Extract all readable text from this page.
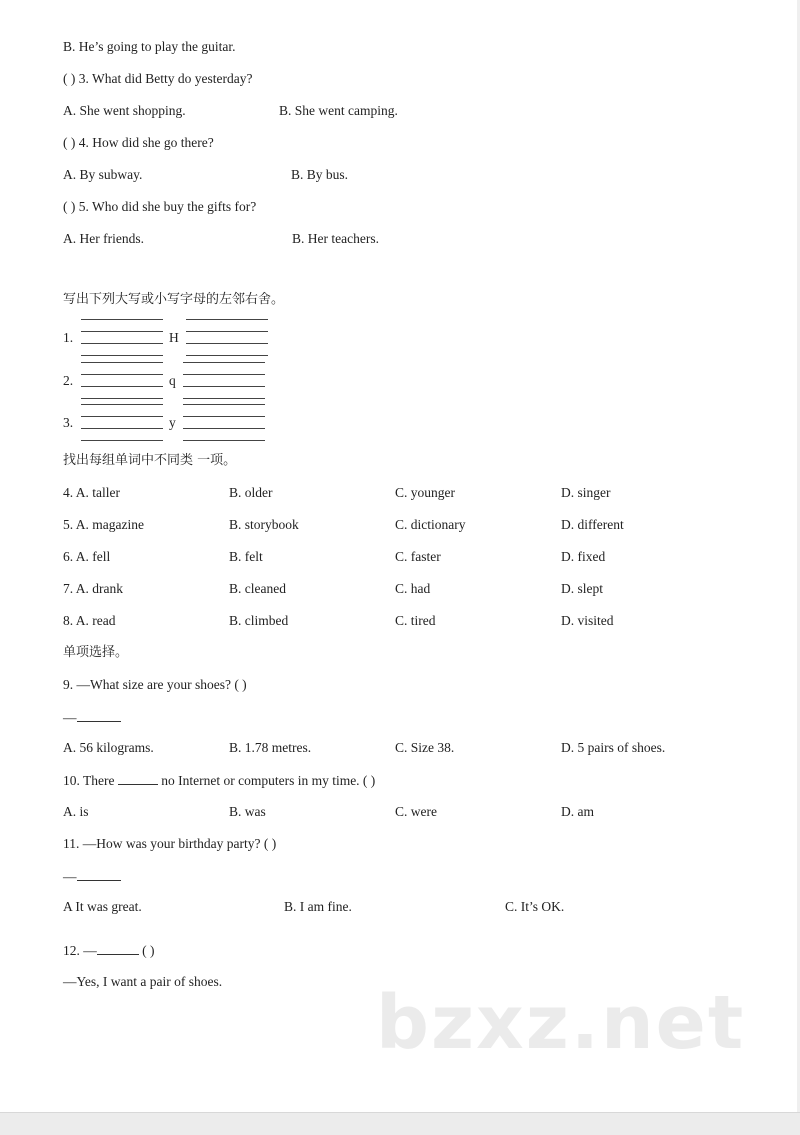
B. He’s going to play the guitar.
( ) 3. What did Betty do yesterday?
A. She went shopping.	B. She went camping.
( ) 4. How did she go there?
A. By subway.	B. By bus.
( ) 5. Who did she buy the gifts for?
A. Her friends.	B. Her teachers.
写出下列大写或小写字母的左邻右舍。
1.	H
2.	q
3.	y
找出每组单词中不同类 一项。
4. A. taller	B. older	C. younger	D. singer
5. A. magazine	B. storybook	C. dictionary	D. different
6. A. fell	B. felt	C. faster	D. fixed
7. A. drank	B. cleaned	C. had	D. slept
8. A. read	B. climbed	C. tired	D. visited
单项选择。
9. —What size are your shoes? ( )
—
A. 56 kilograms.	B. 1.78 metres.	C. Size 38.	D. 5 pairs of shoes.
10. There	no Internet or computers in my time. ( )
A. is	B. was	C. were	D. am
11. —How was your birthday party? ( )
—
A It was great.	B. I am fine.	C. It’s OK.
12. —	( )
—Yes, I want a pair of shoes. bzxz.net
